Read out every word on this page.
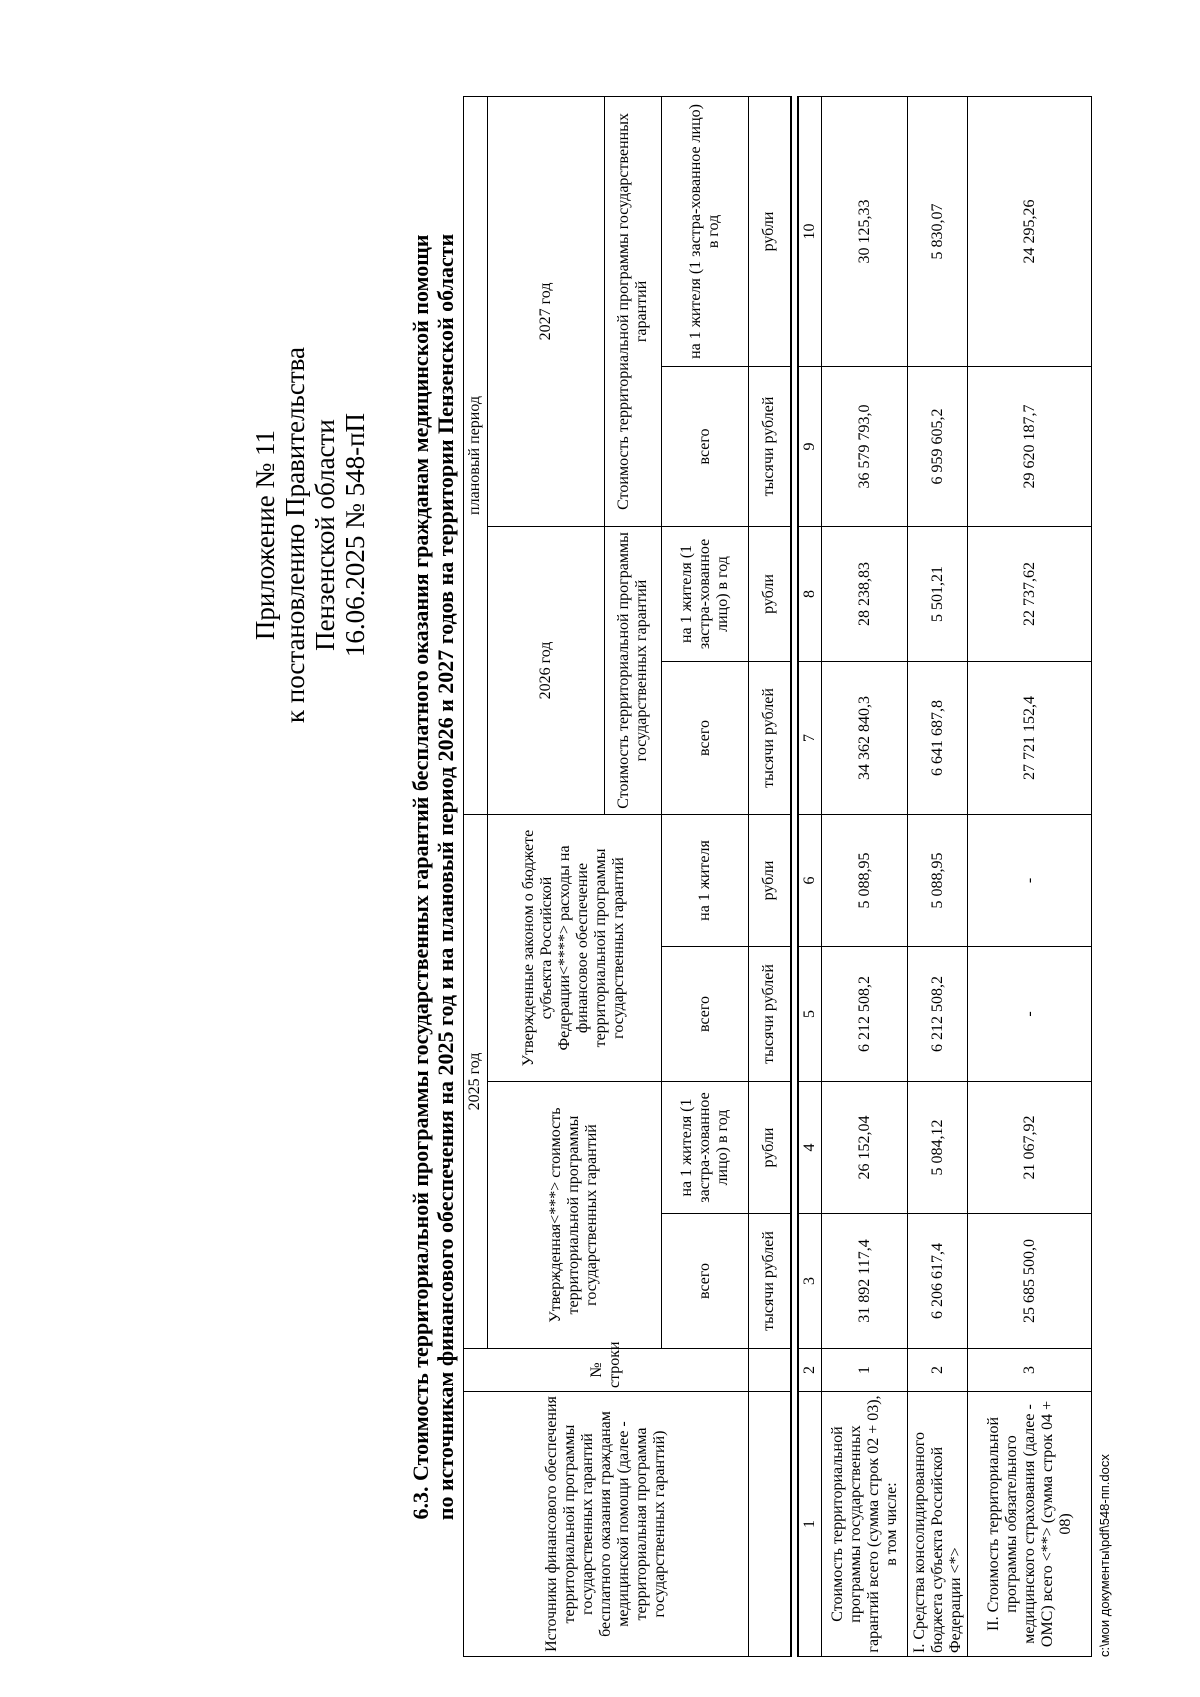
Приложение № 11 к постановлению Правительства Пензенской области 16.06.2025 № 548-пП 6.3. Стоимость территориальной программы государственных гарантий бесплатного оказания гражданам медицинской помощи по источникам финансового обеспечения на 2025 год и на плановый период 2026 и 2027 годов на территории Пензенской области
Источники финансового обеспечения территориальной программы государственных гарантий бесплатного оказания гражданам медицинской помощи (далее - территориальная программа государственных гарантий)	№ строки	2025 год				плановый период			
		Утвержденная<***> стоимость территориальной программы государственных гарантий		Утвержденные законом о бюджете субъекта Российской Федерации<****> расходы на финансовое обеспечение территориальной программы государственных гарантий		2026 год		2027 год	
						Стоимость территориальной программы государственных гарантий		Стоимость территориальной программы государственных гарантий	
		всего	на 1 жителя (1 застра-хованное лицо) в год	всего	на 1 жителя	всего	на 1 жителя (1 застра-хованное лицо) в год	всего	на 1 жителя (1 застра-хованное лицо) в год
		тысячи рублей	рубли	тысячи рублей	рубли	тысячи рублей	рубли	тысячи рублей	рубли

1	2	3	4	5	6	7	8	9	10
Стоимость территориальной программы государственных гарантий всего (сумма строк 02 + 03), в том числе:	1	31 892 117,4	26 152,04	6 212 508,2	5 088,95	34 362 840,3	28 238,83	36 579 793,0	30 125,33
I. Средства консолидированного бюджета субъекта Российской Федерации <*>	2	6 206 617,4	5 084,12	6 212 508,2	5 088,95	6 641 687,8	5 501,21	6 959 605,2	5 830,07
II. Стоимость территориальной программы обязательного медицинского страхования (далее - ОМС) всего <**> (сумма строк 04 + 08)	3	25 685 500,0	21 067,92	-	-	27 721 152,4	22 737,62	29 620 187,7	24 295,26
c:\мои документы\pdf\548-пп.docx
